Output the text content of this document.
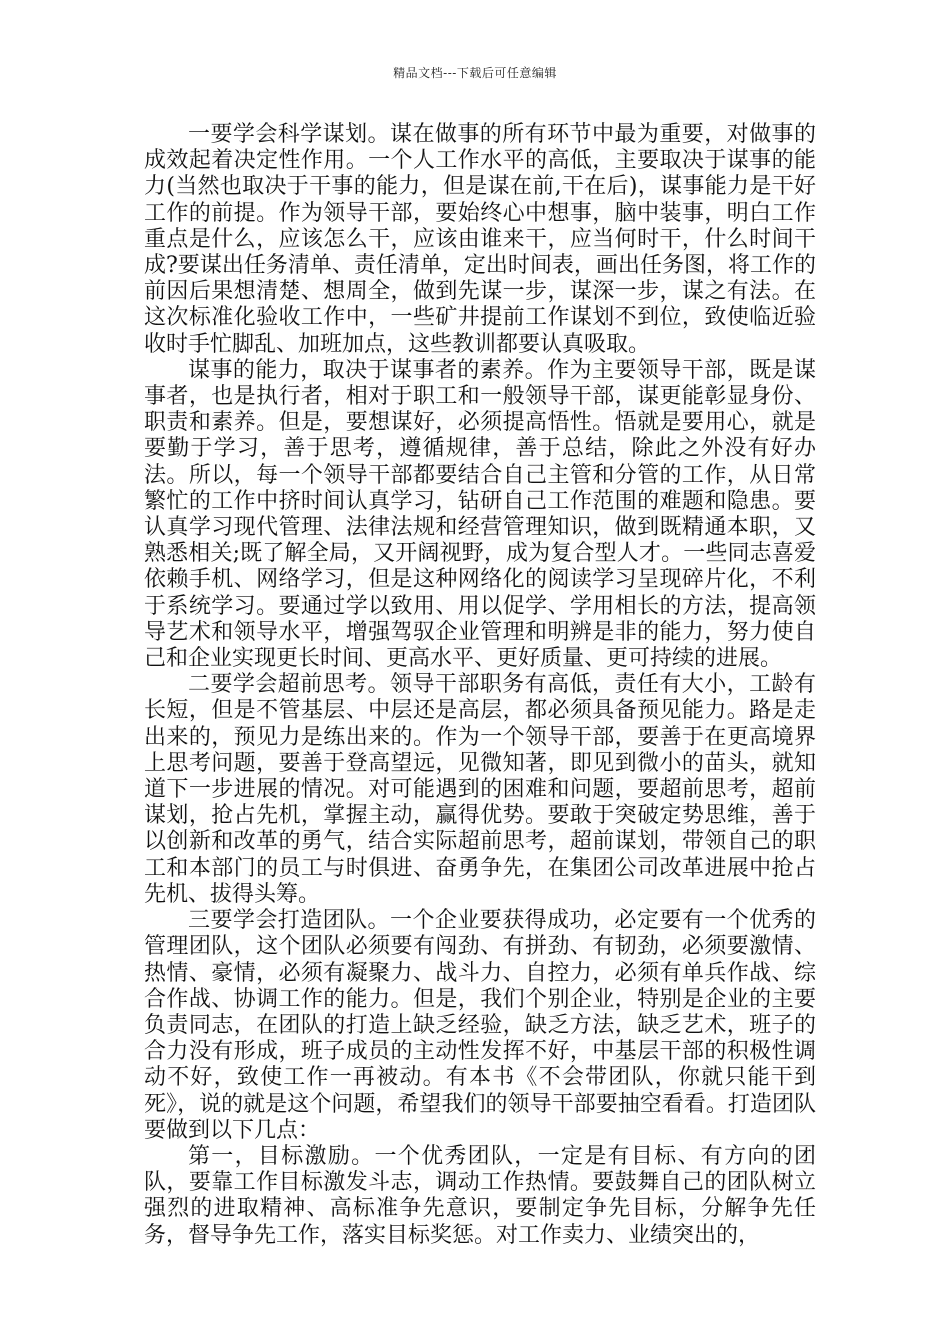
精品文档---下载后可任意编辑

一要学会科学谋划。谋在做事的所有环节中最为重要，对做事的成效起着决定性作用。一个人工作水平的高低，主要取决于谋事的能力(当然也取决于干事的能力，但是谋在前,干在后)，谋事能力是干好工作的前提。作为领导干部，要始终心中想事，脑中装事，明白工作重点是什么，应该怎么干，应该由谁来干，应当何时干，什么时间干成?要谋出任务清单、责任清单，定出时间表，画出任务图，将工作的前因后果想清楚、想周全，做到先谋一步，谋深一步，谋之有法。在这次标准化验收工作中，一些矿井提前工作谋划不到位，致使临近验收时手忙脚乱、加班加点，这些教训都要认真吸取。

谋事的能力，取决于谋事者的素养。作为主要领导干部，既是谋事者，也是执行者，相对于职工和一般领导干部，谋更能彰显身份、职责和素养。但是，要想谋好，必须提高悟性。悟就是要用心，就是要勤于学习，善于思考，遵循规律，善于总结，除此之外没有好办法。所以，每一个领导干部都要结合自己主管和分管的工作，从日常繁忙的工作中挤时间认真学习，钻研自己工作范围的难题和隐患。要认真学习现代管理、法律法规和经营管理知识，做到既精通本职，又熟悉相关;既了解全局，又开阔视野，成为复合型人才。一些同志喜爱依赖手机、网络学习，但是这种网络化的阅读学习呈现碎片化，不利于系统学习。要通过学以致用、用以促学、学用相长的方法，提高领导艺术和领导水平，增强驾驭企业管理和明辨是非的能力，努力使自己和企业实现更长时间、更高水平、更好质量、更可持续的进展。

二要学会超前思考。领导干部职务有高低，责任有大小，工龄有长短，但是不管基层、中层还是高层，都必须具备预见能力。路是走出来的，预见力是练出来的。作为一个领导干部，要善于在更高境界上思考问题，要善于登高望远，见微知著，即见到微小的苗头，就知道下一步进展的情况。对可能遇到的困难和问题，要超前思考，超前谋划，抢占先机，掌握主动，赢得优势。要敢于突破定势思维，善于以创新和改革的勇气，结合实际超前思考，超前谋划，带领自己的职工和本部门的员工与时俱进、奋勇争先，在集团公司改革进展中抢占先机、拔得头筹。

三要学会打造团队。一个企业要获得成功，必定要有一个优秀的管理团队，这个团队必须要有闯劲、有拼劲、有韧劲，必须要激情、热情、豪情，必须有凝聚力、战斗力、自控力，必须有单兵作战、综合作战、协调工作的能力。但是，我们个别企业，特别是企业的主要负责同志，在团队的打造上缺乏经验，缺乏方法，缺乏艺术，班子的合力没有形成，班子成员的主动性发挥不好，中基层干部的积极性调动不好，致使工作一再被动。有本书《不会带团队，你就只能干到死》，说的就是这个问题，希望我们的领导干部要抽空看看。打造团队要做到以下几点：

第一，目标激励。一个优秀团队，一定是有目标、有方向的团队，要靠工作目标激发斗志，调动工作热情。要鼓舞自己的团队树立强烈的进取精神、高标准争先意识，要制定争先目标，分解争先任务，督导争先工作，落实目标奖惩。对工作卖力、业绩突出的，
